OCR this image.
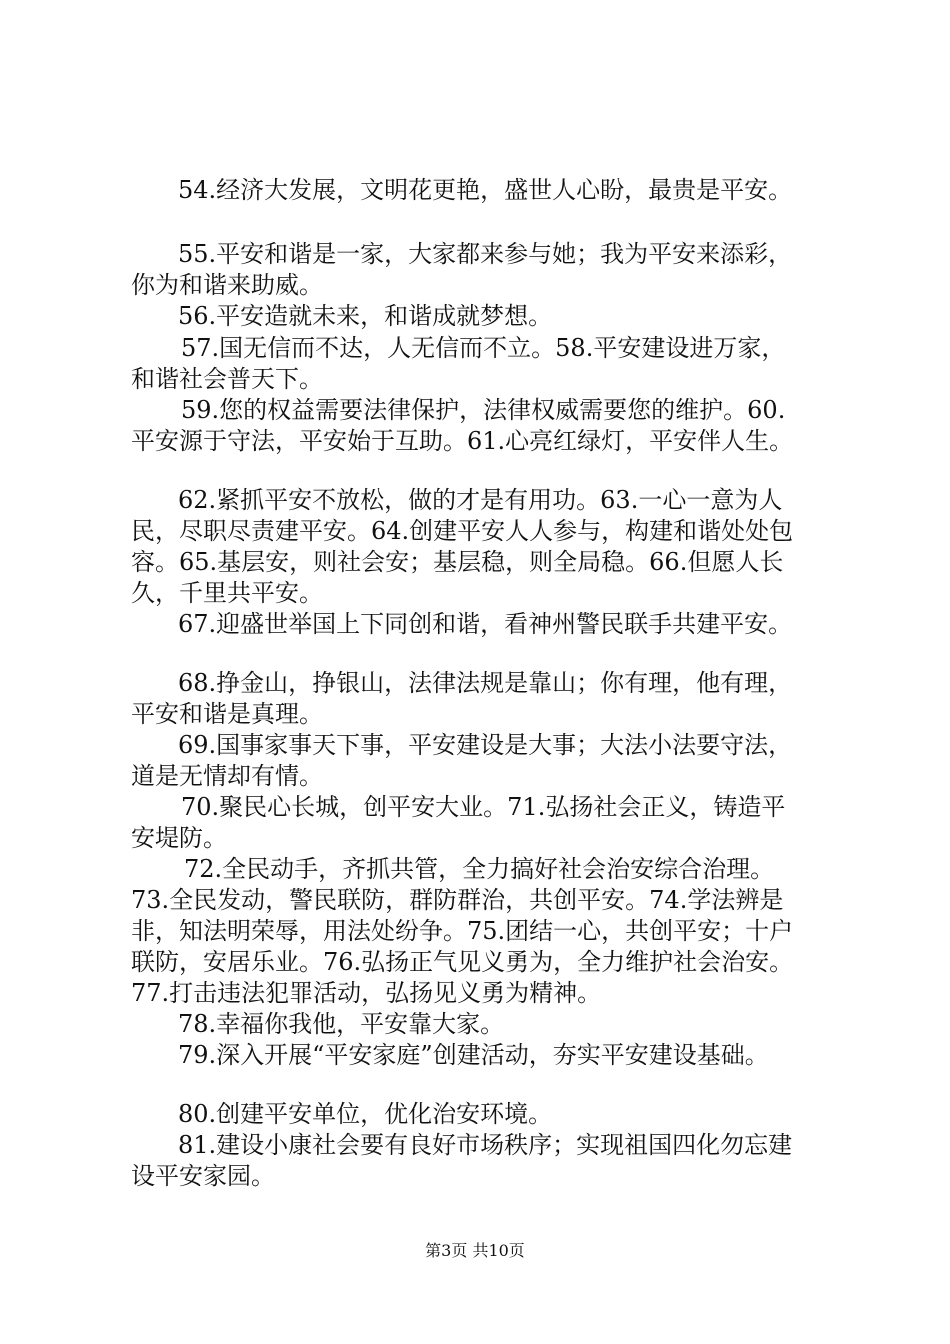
54.经济大发展，文明花更艳，盛世人心盼，最贵是平安。
55.平安和谐是一家，大家都来参与她；我为平安来添彩，
你为和谐来助威。
56.平安造就未来，和谐成就梦想。
57.国无信而不达，人无信而不立。58.平安建设进万家，
和谐社会普天下。
59.您的权益需要法律保护，法律权威需要您的维护。60.
平安源于守法，平安始于互助。61.心亮红绿灯，平安伴人生。
62.紧抓平安不放松，做的才是有用功。63.一心一意为人
民，尽职尽责建平安。64.创建平安人人参与，构建和谐处处包
容。65.基层安，则社会安；基层稳，则全局稳。66.但愿人长
久，千里共平安。
67.迎盛世举国上下同创和谐，看神州警民联手共建平安。
68.挣金山，挣银山，法律法规是靠山；你有理，他有理，
平安和谐是真理。
69.国事家事天下事，平安建设是大事；大法小法要守法，
道是无情却有情。
70.聚民心长城，创平安大业。71.弘扬社会正义，铸造平
安堤防。
72.全民动手，齐抓共管，全力搞好社会治安综合治理。
73.全民发动，警民联防，群防群治，共创平安。74.学法辨是
非，知法明荣辱，用法处纷争。75.团结一心，共创平安；十户
联防，安居乐业。76.弘扬正气见义勇为，全力维护社会治安。
77.打击违法犯罪活动，弘扬见义勇为精神。
78.幸福你我他，平安靠大家。
79.深入开展“平安家庭”创建活动，夯实平安建设基础。
80.创建平安单位，优化治安环境。
81.建设小康社会要有良好市场秩序；实现祖国四化勿忘建
设平安家园。
第3页 共10页
